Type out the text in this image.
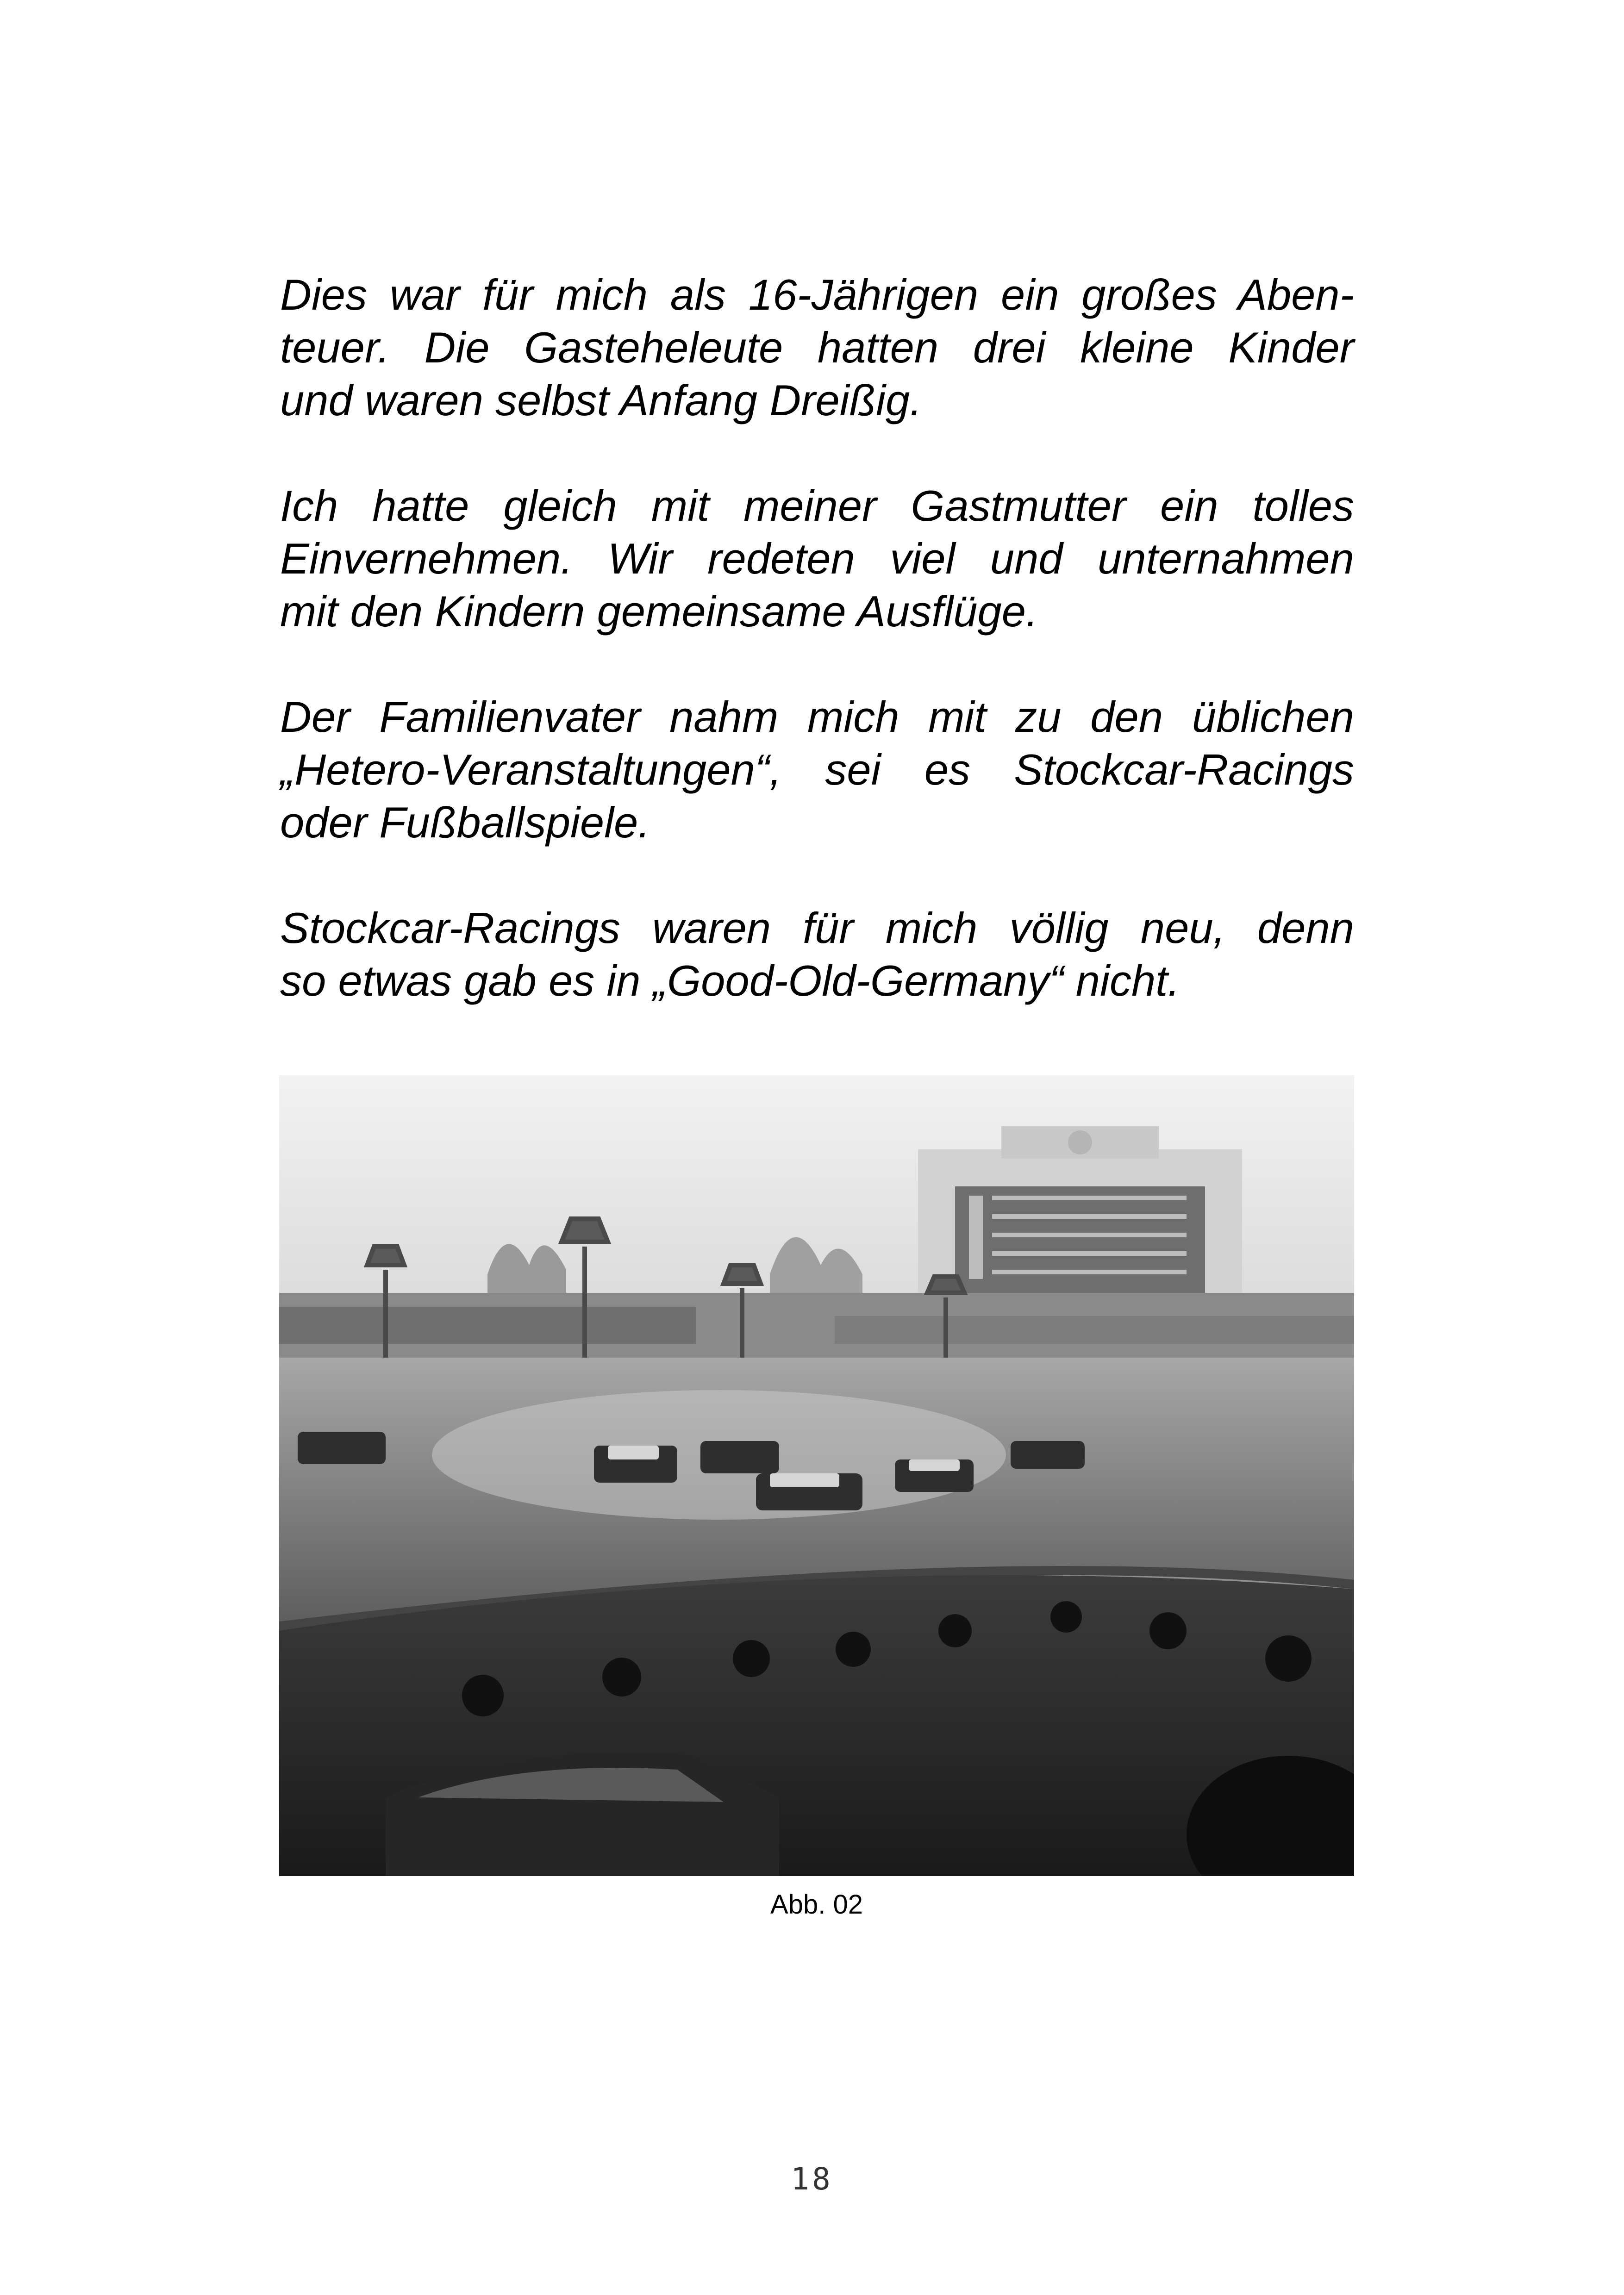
Dies war für mich als 16-Jährigen ein großes Aben-
teuer. Die Gasteheleute hatten drei kleine Kinder
und waren selbst Anfang Dreißig.

Ich hatte gleich mit meiner Gastmutter ein tolles
Einvernehmen. Wir redeten viel und unternahmen
mit den Kindern gemeinsame Ausflüge.

Der Familienvater nahm mich mit zu den üblichen
„Hetero-Veranstaltungen“, sei es Stockcar-Racings
oder Fußballspiele.

Stockcar-Racings waren für mich völlig neu, denn
so etwas gab es in „Good-Old-Germany“ nicht.

Abb. 02
18
